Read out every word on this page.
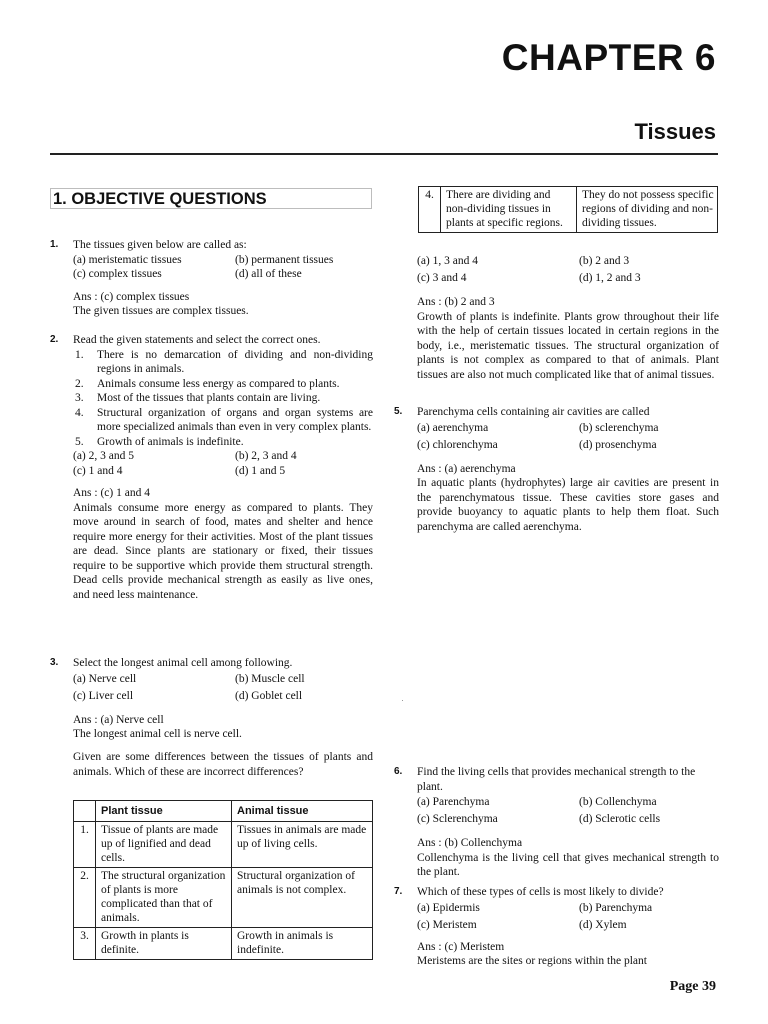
CHAPTER 6
Tissues
1. OBJECTIVE QUESTIONS
1. The tissues given below are called as:
(a) meristematic tissues	(b) permanent tissues
(c) complex tissues	(d) all of these
Ans : (c) complex tissues
The given tissues are complex tissues.
2. Read the given statements and select the correct ones.
1.	There is no demarcation of dividing and non-dividing regions in animals.
2.	Animals consume less energy as compared to plants.
3.	Most of the tissues that plants contain are living.
4.	Structural organization of organs and organ systems are more specialized animals than even in very complex plants.
5.	Growth of animals is indefinite.
(a) 2, 3 and 5	(b) 2, 3 and 4
(c) 1 and 4	(d) 1 and 5
Ans : (c) 1 and 4
Animals consume more energy as compared to plants. They move around in search of food, mates and shelter and hence require more energy for their activities. Most of the plant tissues are dead. Since plants are stationary or fixed, their tissues require to be supportive which provide them structural strength. Dead cells provide mechanical strength as easily as live ones, and need less maintenance.
3. Select the longest animal cell among following.
(a) Nerve cell	(b) Muscle cell
(c) Liver cell	(d) Goblet cell
Ans : (a) Nerve cell
The longest animal cell is nerve cell.
Given are some differences between the tissues of plants and animals. Which of these are incorrect differences?
	Plant tissue	Animal tissue
1.	Tissue of plants are made up of lignified and dead cells.	Tissues in animals are made up of living cells.
2.	The structural organization of plants is more complicated than that of animals.	Structural organization of animals is not complex.
3.	Growth in plants is definite.	Growth in animals is indefinite.
4.	There are dividing and non-dividing tissues in plants at specific regions.	They do not possess specific regions of dividing and non-dividing tissues.
(a) 1, 3 and 4	(b) 2 and 3
(c) 3 and 4	(d) 1, 2 and 3
Ans : (b) 2 and 3
Growth of plants is indefinite. Plants grow throughout their life with the help of certain tissues located in certain regions in the body, i.e., meristematic tissues. The structural organization of plants is not complex as compared to that of animals. Plant tissues are also not much complicated like that of animal tissues.
5. Parenchyma cells containing air cavities are called
(a) aerenchyma	(b) sclerenchyma
(c) chlorenchyma	(d) prosenchyma
Ans : (a) aerenchyma
In aquatic plants (hydrophytes) large air cavities are present in the parenchymatous tissue. These cavities store gases and provide buoyancy to aquatic plants to help them float. Such parenchyma are called aerenchyma.
6. Find the living cells that provides mechanical strength to the plant.
(a) Parenchyma	(b) Collenchyma
(c) Sclerenchyma	(d) Sclerotic cells
Ans : (b) Collenchyma
Collenchyma is the living cell that gives mechanical strength to the plant.
7. Which of these types of cells is most likely to divide?
(a) Epidermis	(b) Parenchyma
(c) Meristem	(d) Xylem
Ans : (c) Meristem
Meristems are the sites or regions within the plant
Page 39
